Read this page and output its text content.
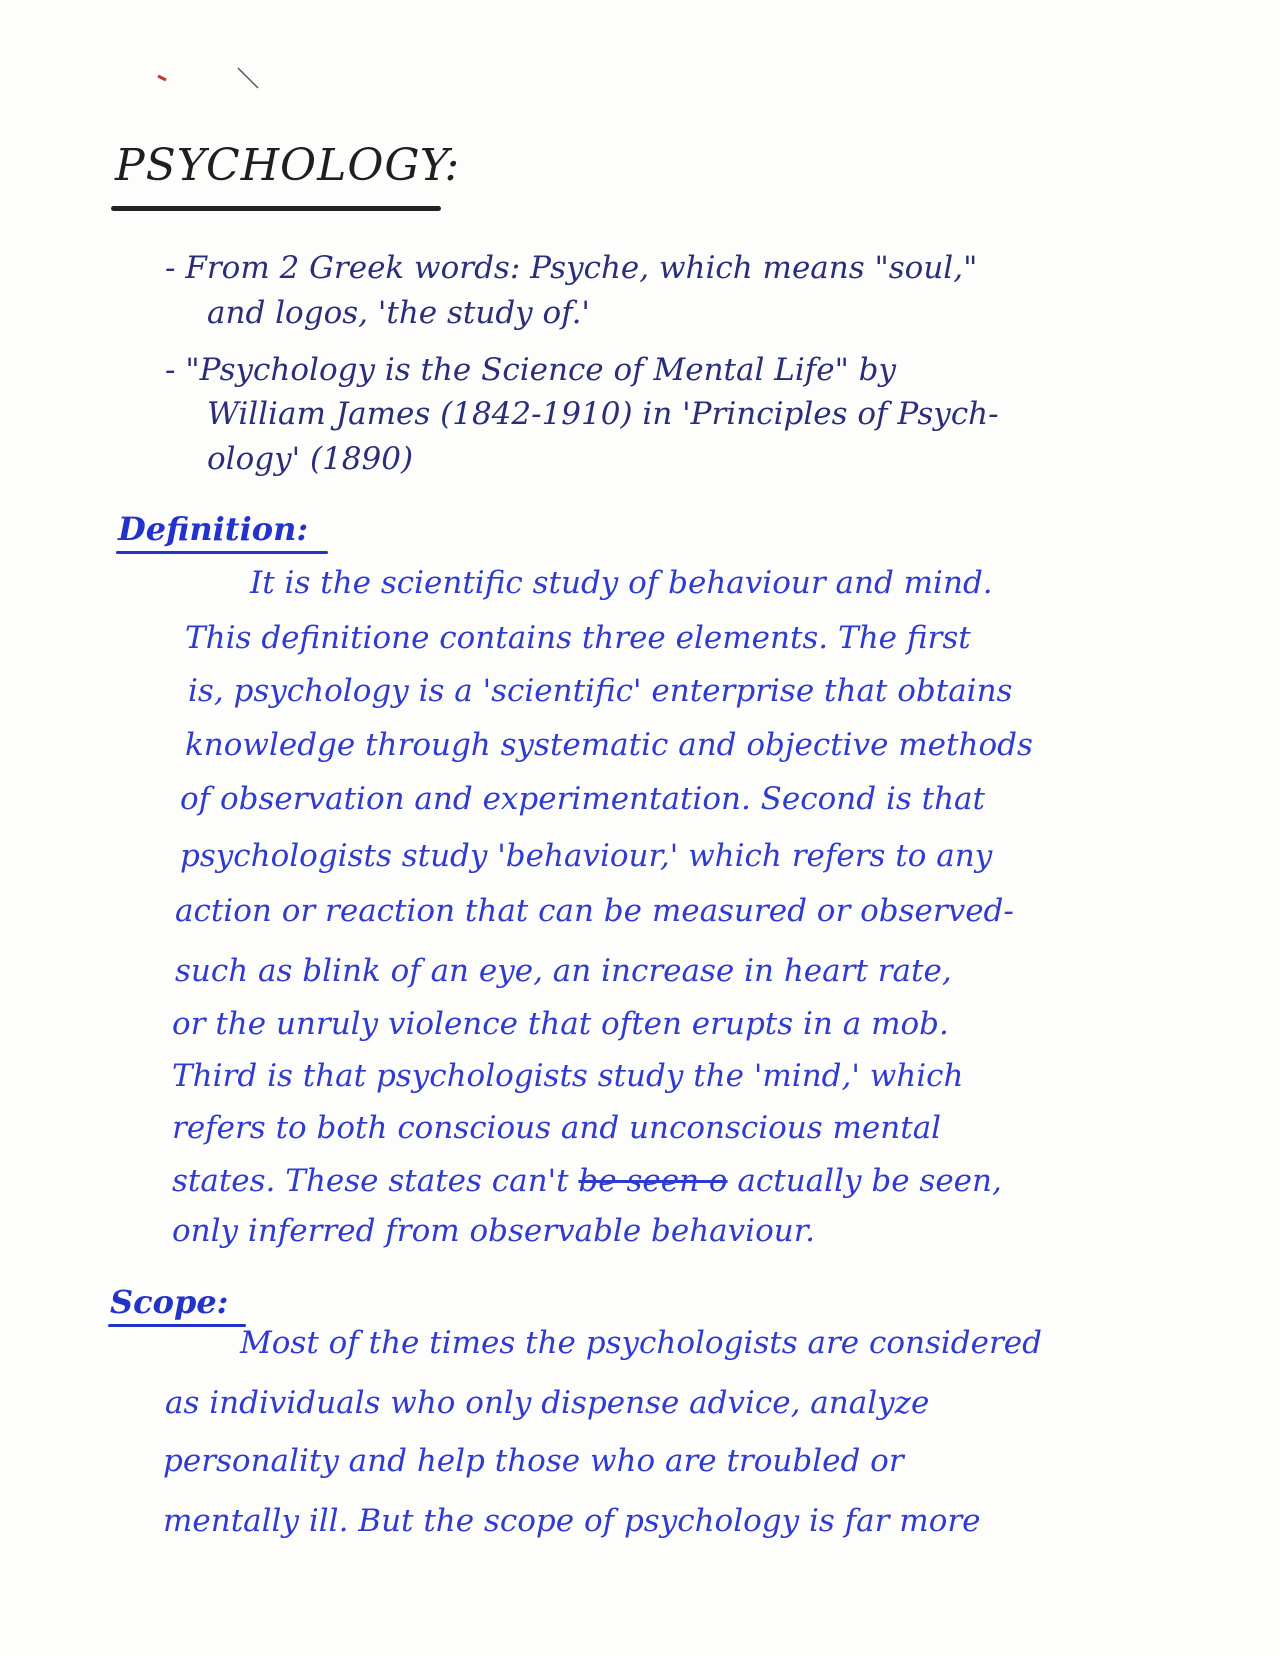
PSYCHOLOGY:
- From 2 Greek words: Psyche, which means "soul,"
and logos, 'the study of.'
- "Psychology is the Science of Mental Life" by
William James (1842-1910) in 'Principles of Psych-
ology' (1890)
Definition:
It is the scientific study of behaviour and mind.
This definitione contains three elements. The first
is, psychology is a 'scientific' enterprise that obtains
knowledge through systematic and objective methods
of observation and experimentation. Second is that
psychologists study 'behaviour,' which refers to any
action or reaction that can be measured or observed-
such as blink of an eye, an increase in heart rate,
or the unruly violence that often erupts in a mob.
Third is that psychologists study the 'mind,' which
refers to both conscious and unconscious mental
states. These states can't be seen o actually be seen,
only inferred from observable behaviour.
Scope:
Most of the times the psychologists are considered
as individuals who only dispense advice, analyze
personality and help those who are troubled or
mentally ill. But the scope of psychology is far more
